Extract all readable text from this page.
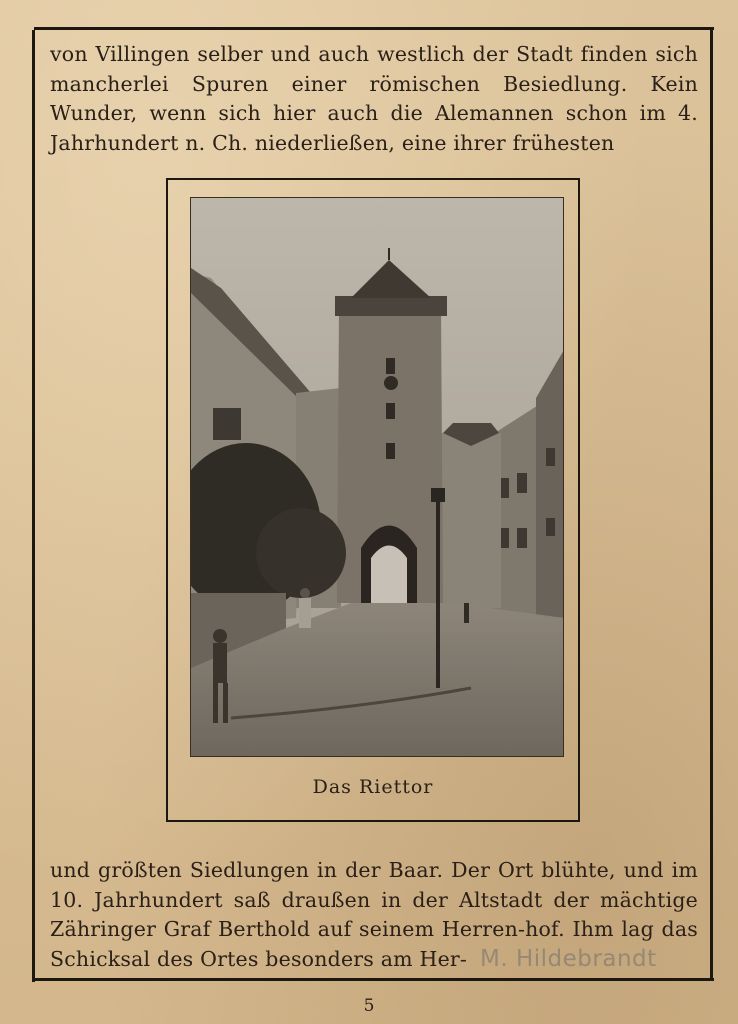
von Villingen selber und auch westlich der Stadt finden sich mancherlei Spuren einer römischen Besiedlung. Kein Wunder, wenn sich hier auch die Alemannen schon im 4. Jahrhundert n. Ch. niederließen, eine ihrer frühesten

Das Riettor

und größten Siedlungen in der Baar. Der Ort blühte, und im 10. Jahrhundert saß draußen in der Altstadt der mächtige Zähringer Graf Berthold auf seinem Herren-hof. Ihm lag das Schicksal des Ortes besonders am Her- M. Hildebrandt
5
